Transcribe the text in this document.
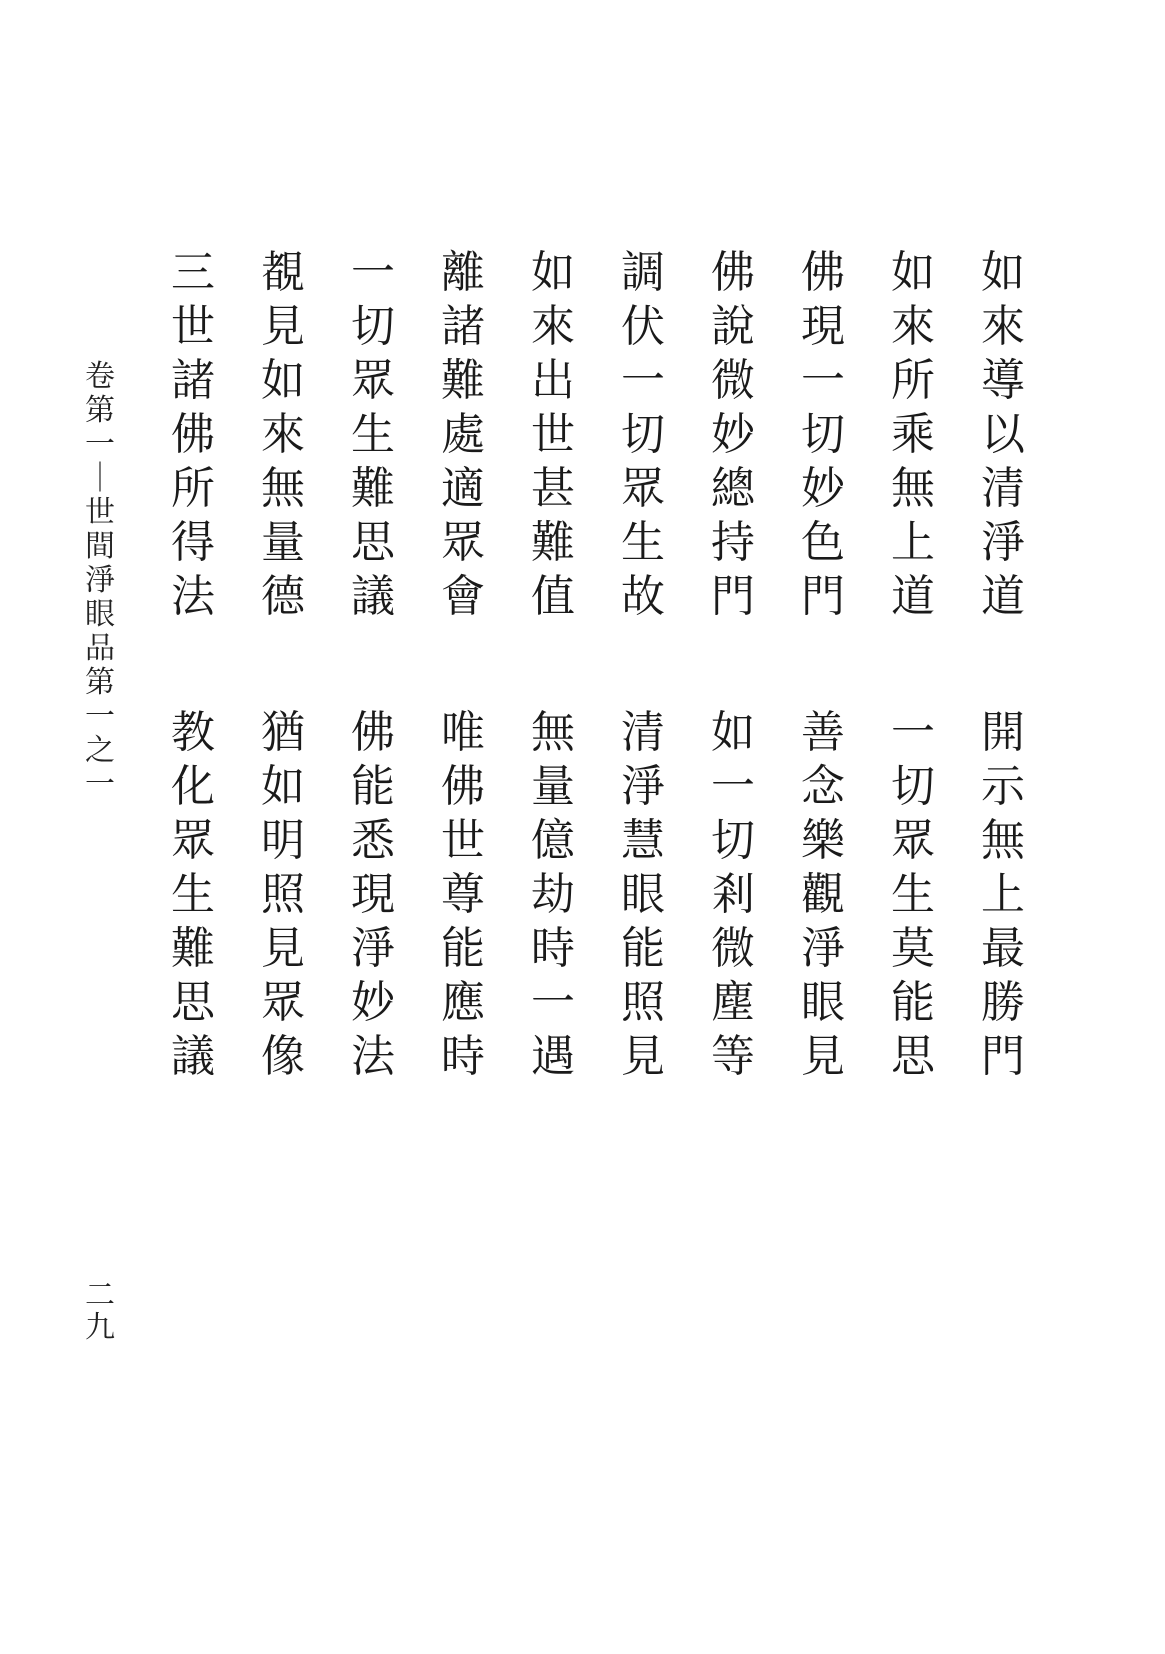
如來導以清淨道
開示無上最勝門
如來所乘無上道
一切眾生莫能思
佛現一切妙色門
善念樂觀淨眼見
佛說微妙總持門
如一切剎微塵等
調伏一切眾生故
清淨慧眼能照見
如來出世甚難值
無量億劫時一遇
離諸難處適眾會
唯佛世尊能應時
一切眾生難思議
佛能悉現淨妙法
覩見如來無量德
猶如明照見眾像
三世諸佛所得法
教化眾生難思議
卷第一｜世間淨眼品第一之一
二九
